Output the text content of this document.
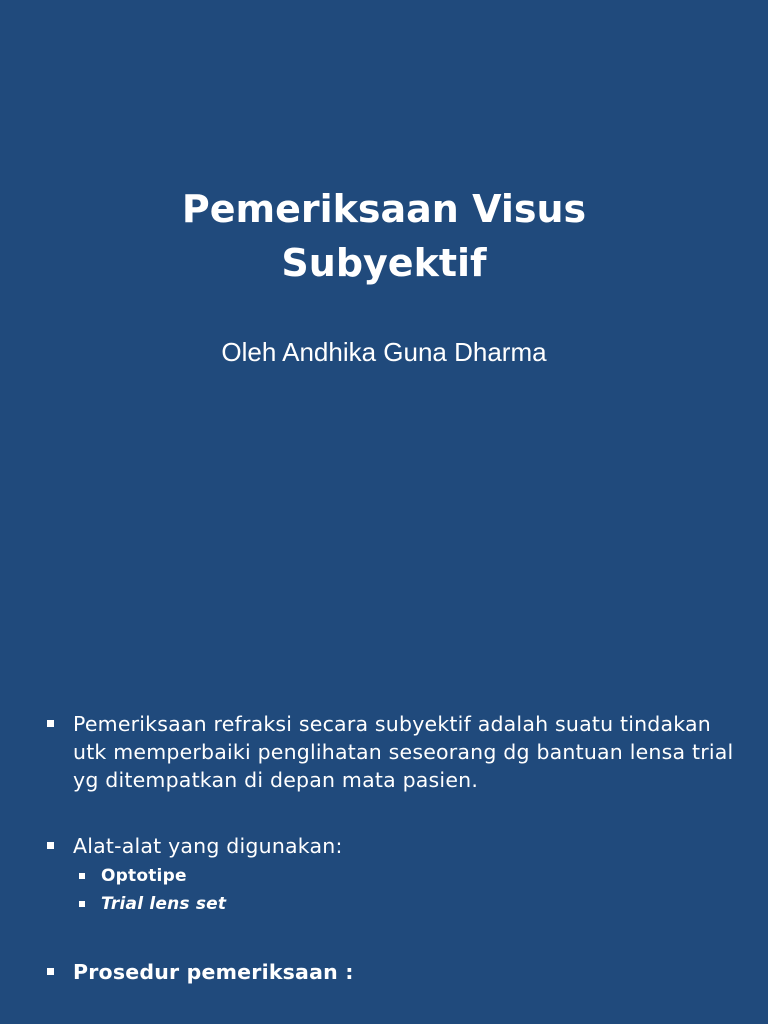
Pemeriksaan Visus
Subyektif

Oleh Andhika Guna Dharma

Pemeriksaan refraksi secara subyektif adalah suatu tindakan utk memperbaiki penglihatan seseorang dg bantuan lensa trial yg ditempatkan di depan mata pasien.
Alat-alat yang digunakan:
Optotipe
Trial lens set
Prosedur pemeriksaan :
